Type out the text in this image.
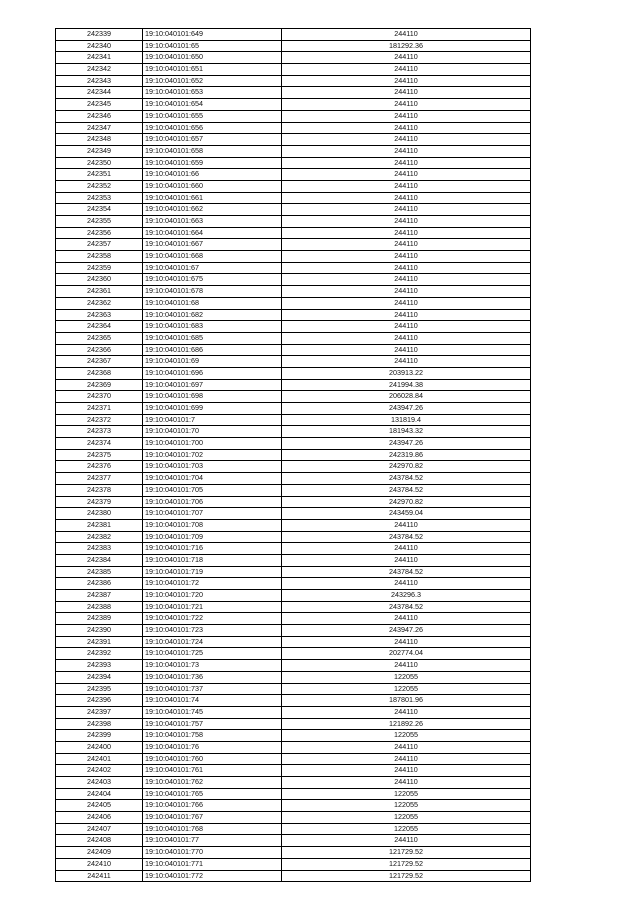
242339	19:10:040101:649	244110
242340	19:10:040101:65	181292.36
242341	19:10:040101:650	244110
242342	19:10:040101:651	244110
242343	19:10:040101:652	244110
242344	19:10:040101:653	244110
242345	19:10:040101:654	244110
242346	19:10:040101:655	244110
242347	19:10:040101:656	244110
242348	19:10:040101:657	244110
242349	19:10:040101:658	244110
242350	19:10:040101:659	244110
242351	19:10:040101:66	244110
242352	19:10:040101:660	244110
242353	19:10:040101:661	244110
242354	19:10:040101:662	244110
242355	19:10:040101:663	244110
242356	19:10:040101:664	244110
242357	19:10:040101:667	244110
242358	19:10:040101:668	244110
242359	19:10:040101:67	244110
242360	19:10:040101:675	244110
242361	19:10:040101:678	244110
242362	19:10:040101:68	244110
242363	19:10:040101:682	244110
242364	19:10:040101:683	244110
242365	19:10:040101:685	244110
242366	19:10:040101:686	244110
242367	19:10:040101:69	244110
242368	19:10:040101:696	203913.22
242369	19:10:040101:697	241994.38
242370	19:10:040101:698	206028.84
242371	19:10:040101:699	243947.26
242372	19:10:040101:7	131819.4
242373	19:10:040101:70	181943.32
242374	19:10:040101:700	243947.26
242375	19:10:040101:702	242319.86
242376	19:10:040101:703	242970.82
242377	19:10:040101:704	243784.52
242378	19:10:040101:705	243784.52
242379	19:10:040101:706	242970.82
242380	19:10:040101:707	243459.04
242381	19:10:040101:708	244110
242382	19:10:040101:709	243784.52
242383	19:10:040101:716	244110
242384	19:10:040101:718	244110
242385	19:10:040101:719	243784.52
242386	19:10:040101:72	244110
242387	19:10:040101:720	243296.3
242388	19:10:040101:721	243784.52
242389	19:10:040101:722	244110
242390	19:10:040101:723	243947.26
242391	19:10:040101:724	244110
242392	19:10:040101:725	202774.04
242393	19:10:040101:73	244110
242394	19:10:040101:736	122055
242395	19:10:040101:737	122055
242396	19:10:040101:74	187801.96
242397	19:10:040101:745	244110
242398	19:10:040101:757	121892.26
242399	19:10:040101:758	122055
242400	19:10:040101:76	244110
242401	19:10:040101:760	244110
242402	19:10:040101:761	244110
242403	19:10:040101:762	244110
242404	19:10:040101:765	122055
242405	19:10:040101:766	122055
242406	19:10:040101:767	122055
242407	19:10:040101:768	122055
242408	19:10:040101:77	244110
242409	19:10:040101:770	121729.52
242410	19:10:040101:771	121729.52
242411	19:10:040101:772	121729.52
